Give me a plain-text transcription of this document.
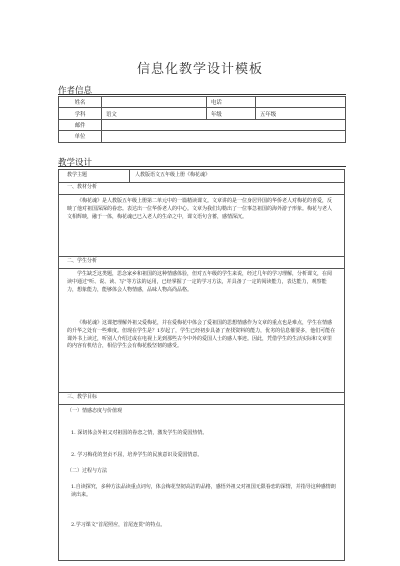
信息化教学设计模板
作者信息
姓名		电话	
学科	语文	年级	五年级
邮件			
单位			
教学设计
教学主题	人教版语文五年级上册《梅花魂》
一、教材分析
《梅花魂》是人教版五年级上册第二单元中的一篇精读课文。文章讲的是一位身居异国的华侨老人对梅花的喜爱，反映了他对祖国深深的眷恋。表达出一位华侨老人的中心。文章为我们勾勒出了一位事急祖国的海外游子形象。梅花与老人文相辉映，融于一体，梅花魂已巳入老人的生命之中，课文语句含蓄，感情深沉。
二、学生分析
学生缺乏这类题，思念家乡和祖国的这种情感体验，但对五年级的学生来说，经过几年的学习理解，分析课文，在阅读中通过"听、说、读、写"等方法的运用，已经掌握了一定的学习方法，并具备了一定的阅读能力，表达能力，观察能力，想象能力，能够体会人物情感，品味人物高尚品格。
《梅花魂》这课把理解外祖父爱梅花，并在爱梅花中体会了爱祖国的思想情感作为文章的重点也是难点，学生在情感的升华之处有一些难度。但现在学生是？1岁起了，学生已经初步具备了查找资料的能力，优劣的信息催要多，他们可能在课外书上读过，听别人介绍过或在电视上见到那些古今中外的爱国人士的感人事迹。因此，凭借学生的生活实际和文章里的内容有机结合，相信学生会有梅花般坚韧的感受。
三、教学目标
（一）情感态度与价值观
1. 深切体会外祖父对祖国的眷恋之情，激发学生的爱国热情。
2. 学习梅花的坚贞不屈，培养学生的民族意识及爱国情意。
（二）过程与方法
1.自读探究，多种方法品读重点词句，体会梅花坚韧高洁的品格，感悟外祖父对祖国无限眷恋的深情，并指导这种感情朗读出来。
2.学习课文"首尾照应，首尾连贯"的特点。
